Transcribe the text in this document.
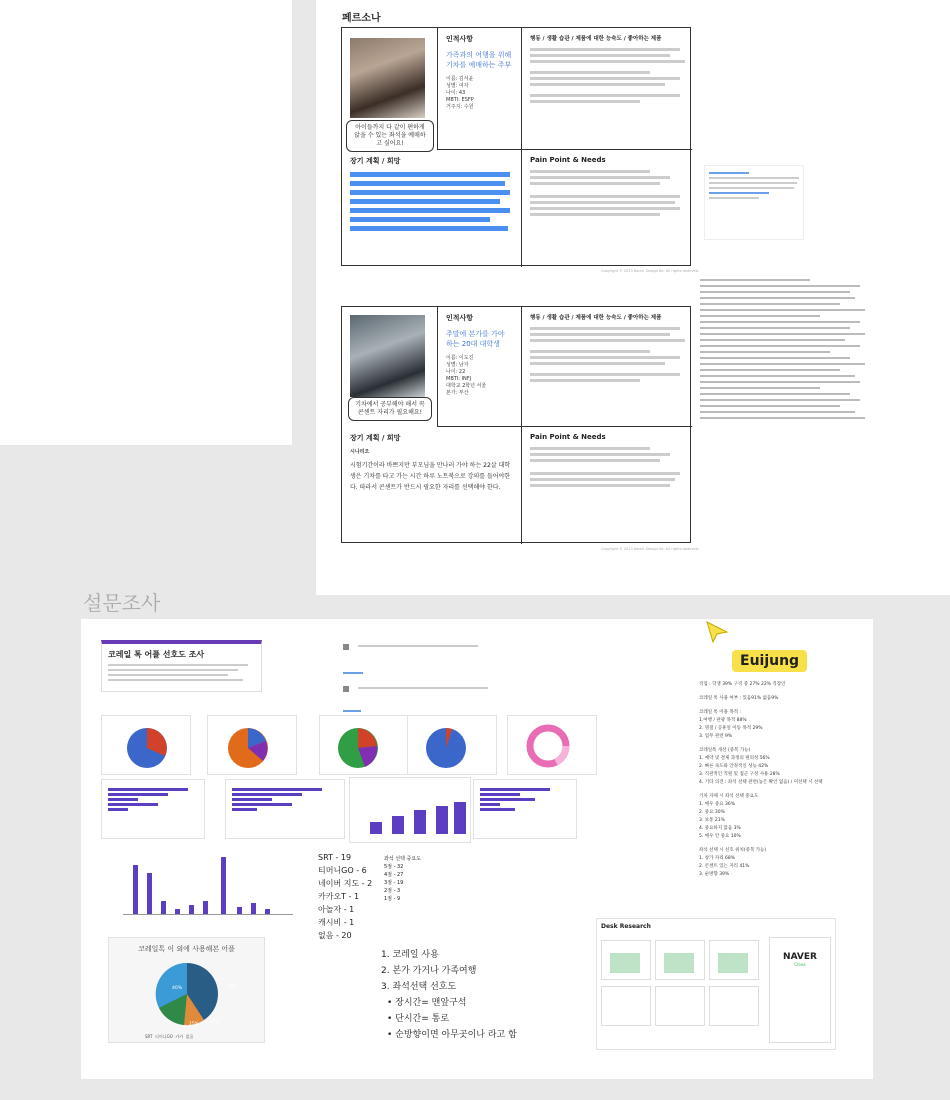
페르소나
아이들까지 다 같이 편하게 앉을 수 있는 좌석을 예매하고 싶어요!
인적사항
가족과의 여행을 위해 기차를 예매하는 주부
이름: 김서윤
성별: 여자
나이: 43
MBTI: ESFP
거주지: 수원
행동 / 생활 습관 / 제품에 대한 능숙도 / 좋아하는 제품
장기 계획 / 희망	Pain Point & Needs
Copyright © 2023 Korail. Design Kit. All rights reserved.
기차에서 공부해야 해서 꼭 콘센트 자리가 필요해요!
인적사항
주말에 본가를 가야 하는 20대 대학생
이름: 이도진
성별: 남자
나이: 22
MBTI: INFJ
대학교 2학년 서울
본가: 부산
행동 / 생활 습관 / 제품에 대한 능숙도 / 좋아하는 제품
장기 계획 / 희망
시나리오
시험기간이라 바쁘지만 부모님을 만나러 가야 하는 22살 대학생은 기차를 타고 가는 시간 하루 노트북으로 강의를 들어야한다. 따라서 콘센트가 반드시 필요한 자리를 선택해야 한다.
Pain Point & Needs
Copyright © 2023 Korail. Design Kit. All rights reserved.
설문조사
코레일 톡 어플 선호도 조사

SRT - 19
티머니GO - 6
네이버 지도 - 2
카카오T - 1
아놀자 - 1
캐시비 - 1
없음 - 20
좌석 선택 중요도
5점 - 32
4점 - 27
3점 - 19
2점 - 3
1점 - 9
코레일톡 이 외에 사용해본 어플
38%
40%
15% 12%
SRT 티머니GO 카카 없음
1. 코레일 사용
2. 본가 가거나 가족여행
3. 좌석선택 선호도
• 장시간= 맨앞구석
• 단시간= 통로
• 순방향이면 아무곳이나 라고 함
Desk Research
NAVER
Clova
직업 : 학생 39% 구직 중 27% 22% 직장인
코레일 톡 사용 여부 : 있음91% 없음9%
코레일 톡 이용 목적 :
1.여행 / 관광 목적 88%
2. 명절 / 공휴일 이동 목적 29%
3. 업무 관련 9%
코레일톡 개선 (중복 가능)
1. 예약 및 결제 과정의 편의성 56%
2. 빠른 속도와 안정적인 성능 42%
3. 직관적인 직원 및 접근 구성 사용 28%
4. 기타 의견 : 좌석 선택 관련(높은 확인 없음) / 미선택 시 선택
기차 자체 시 좌석 선택 중요도
1. 매우 중요 36%
2. 중요 30%
3. 보통 21%
4. 중요하지 않음 3%
5. 매우 안 중요 10%
좌석 선택 시 선호 위치(중복 가능)
1. 창가 자리 68%
2. 콘센트 있는 자리 41%
3. 순방향 39%
Euijung
